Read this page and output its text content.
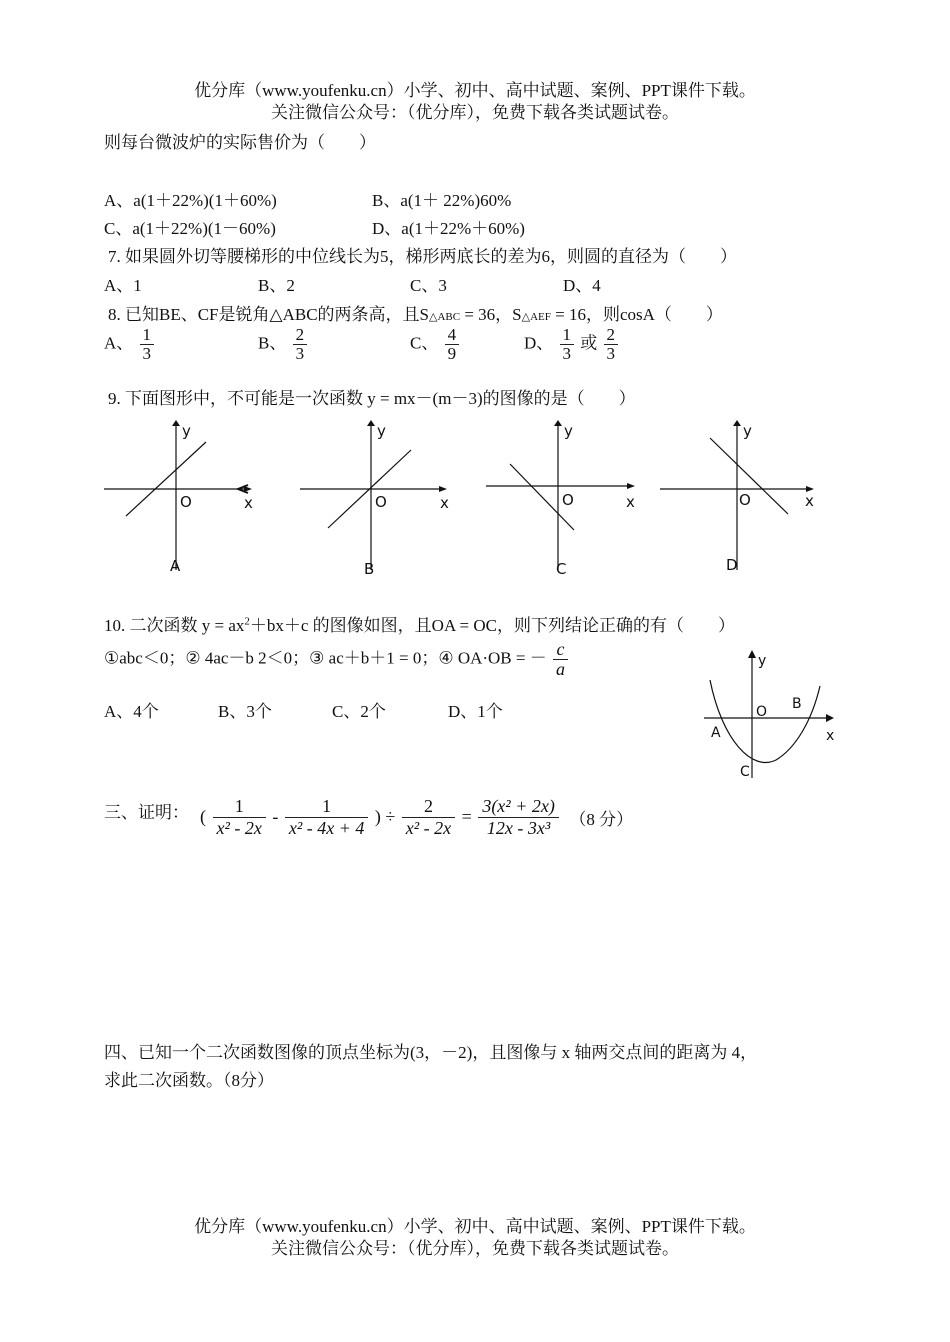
优分库（www.youfenku.cn）小学、初中、高中试题、案例、PPT课件下载。
关注微信公众号：（优分库），免费下载各类试题试卷。
则每台微波炉的实际售价为（　　）
A、a(1＋22%)(1＋60%)	B、a(1＋ 22%)60%
C、a(1＋22%)(1－60%)	D、a(1＋22%＋60%)
7. 如果圆外切等腰梯形的中位线长为5，梯形两底长的差为6，则圆的直径为（　　）
A、1	B、2	C、3	D、4
8. 已知BE、CF是锐角△ABC的两条高，且S△ABC = 36，S△AEF = 16，则cosA（　　）
A、 $\frac{1}{3}$	B、 $\frac{2}{3}$	C、 $\frac{4}{9}$	D、 $\frac{1}{3}$ 或 $\frac{2}{3}$
9. 下面图形中，不可能是一次函数 y = mx－(m－3)的图像的是（　　）
y
O	x
A
y
O	x
B
y
O	x
C
y
O	x
D
10. 二次函数 $y = ax^2+bx+c$ 的图像如图，且OA = OC，则下列结论正确的有（　　）
①abc＜0；② 4ac－b 2＜0；③ ac＋b＋1 = 0；④ OA·OB = － $\frac{c}{a}$
A、4个	B、3个	C、2个	D、1个
y
O B
A	x
C
三、证明： ( $\frac{1}{\text{x² - 2x}} - \frac{1}{\text{x² - 4x + 4}}$ ) ÷ $\frac{2}{\text{x² - 2x}} = \frac{\text{3(x² + 2x)}}{\text{12x - 3x³}} (8$ 分）
四、已知一个二次函数图像的顶点坐标为(3，－2)，且图像与 x 轴两交点间的距离为 4，
求此二次函数。（8分）
优分库（www.youfenku.cn）小学、初中、高中试题、案例、PPT课件下载。
关注微信公众号：（优分库），免费下载各类试题试卷。
